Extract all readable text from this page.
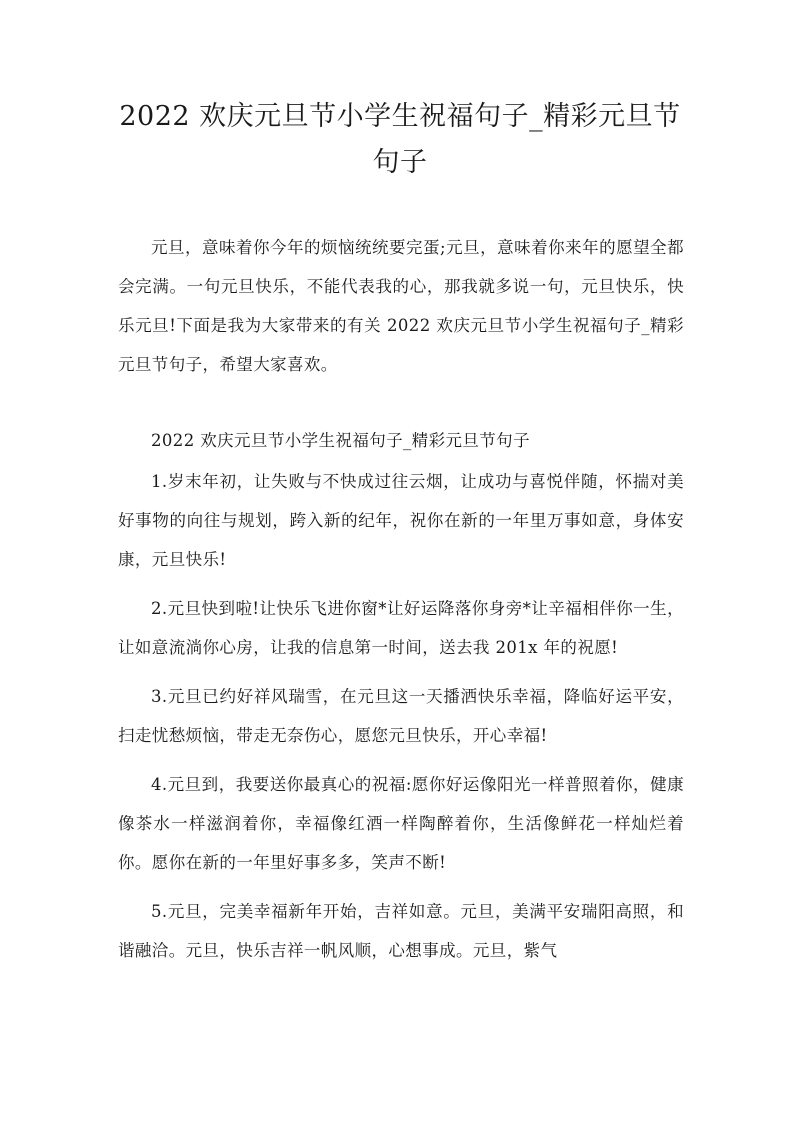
2022 欢庆元旦节小学生祝福句子_精彩元旦节句子

元旦，意味着你今年的烦恼统统要完蛋;元旦，意味着你来年的愿望全都会完满。一句元旦快乐，不能代表我的心，那我就多说一句，元旦快乐，快乐元旦!下面是我为大家带来的有关 2022 欢庆元旦节小学生祝福句子_精彩元旦节句子，希望大家喜欢。

2022 欢庆元旦节小学生祝福句子_精彩元旦节句子

1.岁末年初，让失败与不快成过往云烟，让成功与喜悦伴随，怀揣对美好事物的向往与规划，跨入新的纪年，祝你在新的一年里万事如意，身体安康，元旦快乐!

2.元旦快到啦!让快乐飞进你窗*让好运降落你身旁*让辛福相伴你一生，让如意流淌你心房，让我的信息第一时间，送去我 201x 年的祝愿!

3.元旦已约好祥风瑞雪，在元旦这一天播洒快乐幸福，降临好运平安，扫走忧愁烦恼，带走无奈伤心，愿您元旦快乐，开心幸福!

4.元旦到，我要送你最真心的祝福:愿你好运像阳光一样普照着你，健康像茶水一样滋润着你，幸福像红酒一样陶醉着你，生活像鲜花一样灿烂着你。愿你在新的一年里好事多多，笑声不断!

5.元旦，完美幸福新年开始，吉祥如意。元旦，美满平安瑞阳高照，和谐融洽。元旦，快乐吉祥一帆风顺，心想事成。元旦，紫气
